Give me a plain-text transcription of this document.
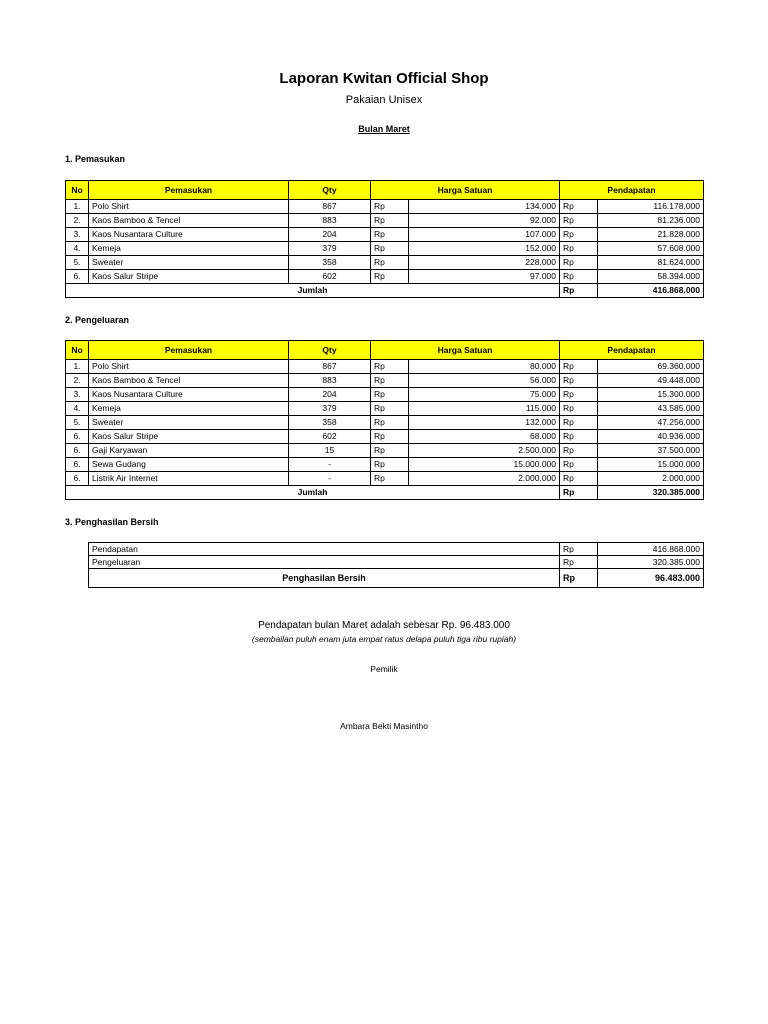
Laporan Kwitan Official Shop
Pakaian Unisex
Bulan Maret
1. Pemasukan
No	Pemasukan	Qty	Harga Satuan		Pendapatan	
1.	Polo Shirt	867	Rp	134.000	Rp	116.178.000
2.	Kaos Bamboo & Tencel	883	Rp	92.000	Rp	81.236.000
3.	Kaos Nusantara Culture	204	Rp	107.000	Rp	21.828.000
4.	Kemeja	379	Rp	152.000	Rp	57.608.000
5.	Sweater	358	Rp	228.000	Rp	81.624.000
6.	Kaos Salur Stripe	602	Rp	97.000	Rp	58.394.000
Jumlah					Rp	416.868.000
2. Pengeluaran
No	Pemasukan	Qty	Harga Satuan		Pendapatan	
1.	Polo Shirt	867	Rp	80.000	Rp	69.360.000
2.	Kaos Bamboo & Tencel	883	Rp	56.000	Rp	49.448.000
3.	Kaos Nusantara Culture	204	Rp	75.000	Rp	15.300.000
4.	Kemeja	379	Rp	115.000	Rp	43.585.000
5.	Sweater	358	Rp	132.000	Rp	47.256.000
6.	Kaos Salur Stripe	602	Rp	68.000	Rp	40.936.000
6.	Gaji Karyawan	15	Rp	2.500.000	Rp	37.500.000
6.	Sewa Gudang	-	Rp	15.000.000	Rp	15.000.000
6.	Listrik Air Internet	-	Rp	2.000.000	Rp	2.000.000
Jumlah					Rp	320.385.000
3. Penghasilan Bersih
Pendapatan	Rp	416.868.000
Pengeluaran	Rp	320.385.000
Penghasilan Bersih	Rp	96.483.000
Pendapatan bulan Maret adalah sebesar Rp. 96.483.000
(sembailan puluh enam juta empat ratus delapa puluh tiga ribu rupiah)
Pemilik
Ambara Bekti Masintho
